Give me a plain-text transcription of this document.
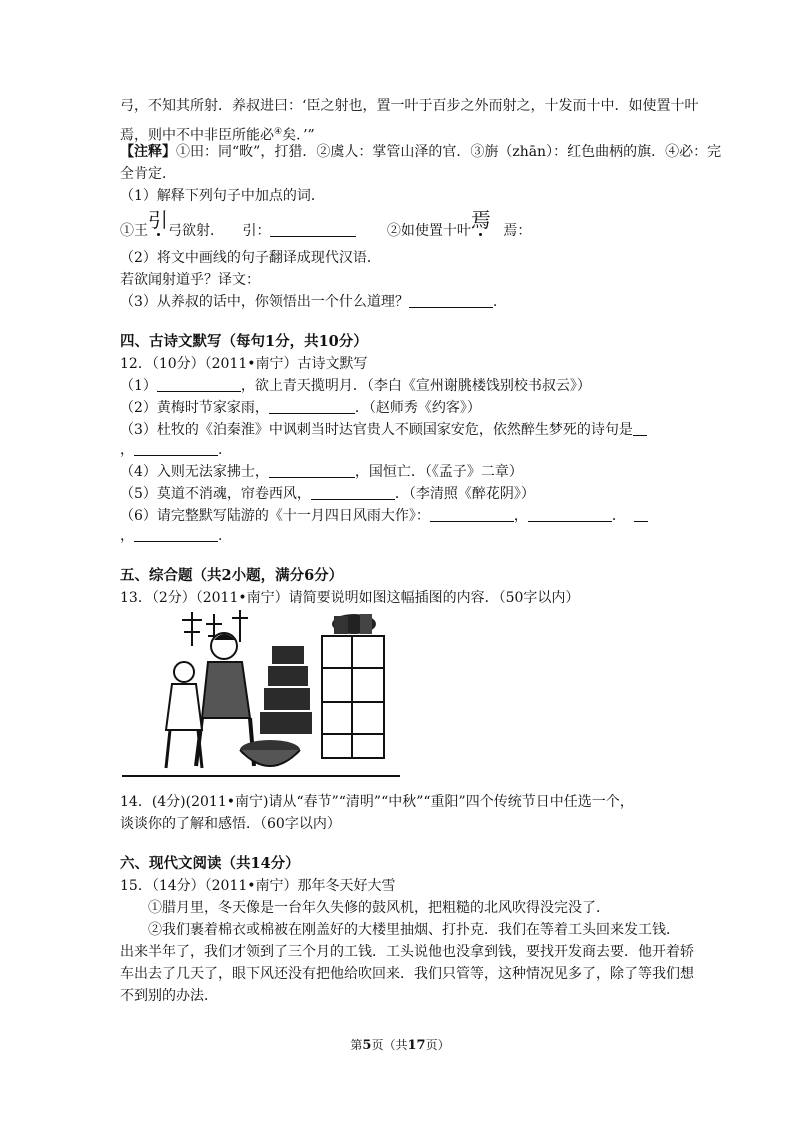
弓，不知其所射．养叔进曰：‘臣之射也，置一叶于百步之外而射之，十发而十中．如使置十叶
焉，则中不中非臣所能必④矣．’”
【注释】①田：同“畋”，打猎．②虞人：掌管山泽的官．③旃（zhān）：红色曲柄的旗．④必：完
全肯定．
（1）解释下列句子中加点的词．
①王引弓欲射． 引：	②如使置十叶焉 焉：
（2）将文中画线的句子翻译成现代汉语．
若欲闻射道乎？译文：
（3）从养叔的话中，你领悟出一个什么道理？	.
四、古诗文默写（每句1分，共10分）
12．（10分）（2011•南宁）古诗文默写
（1）	，欲上青天揽明月．（李白《宣州谢朓楼饯别校书叔云》）
（2）黄梅时节家家雨，	．（赵师秀《约客》）
（3）杜牧的《泊秦淮》中讽刺当时达官贵人不顾国家安危，依然醉生梦死的诗句是
，	.
（4）入则无法家拂士，	，国恒亡．（《孟子》二章）
（5）莫道不消魂，帘卷西风，	．（李清照《醉花阴》）
（6）请完整默写陆游的《十一月四日风雨大作》：	，	．
，	.
五、综合题（共2小题，满分6分）
13．（2分）（2011•南宁）请简要说明如图这幅插图的内容．（50字以内）
14．(4分)(2011•南宁)请从“春节”“清明”“中秋”“重阳”四个传统节日中任选一个，
谈谈你的了解和感悟．（60字以内）
六、现代文阅读（共14分）
15．（14分）（2011•南宁）那年冬天好大雪
①腊月里，冬天像是一台年久失修的鼓风机，把粗糙的北风吹得没完没了．
②我们裹着棉衣或棉被在刚盖好的大楼里抽烟、打扑克．我们在等着工头回来发工钱．
出来半年了，我们才领到了三个月的工钱．工头说他也没拿到钱，要找开发商去要．他开着轿
车出去了几天了，眼下风还没有把他给吹回来．我们只管等，这种情况见多了，除了等我们想
不到别的办法．
第5页（共17页）
